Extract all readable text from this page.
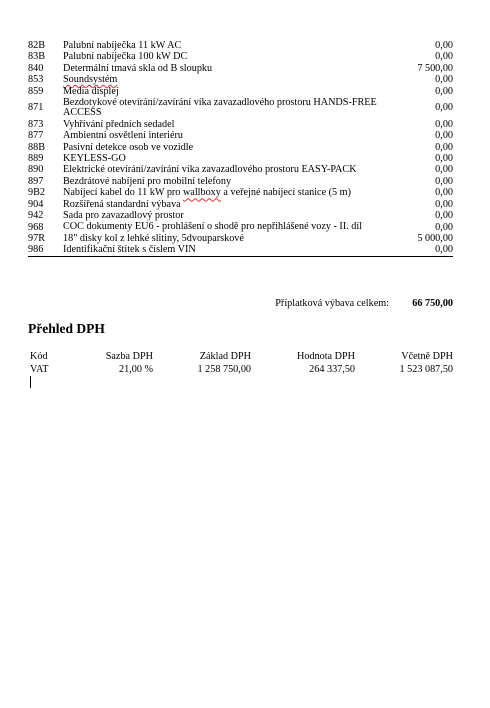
82B	Palubní nabíječka 11 kW AC	0,00
83B	Palubní nabíječka 100 kW DC	0,00
840	Determální tmavá skla od B sloupku	7 500,00
853	Soundsystém	0,00
859	Media displej	0,00
871	Bezdotykové otevírání/zavírání víka zavazadlového prostoru HANDS-FREE ACCESS	0,00
873	Vyhřívání předních sedadel	0,00
877	Ambientní osvětlení interiéru	0,00
88B	Pasivní detekce osob ve vozidle	0,00
889	KEYLESS-GO	0,00
890	Elektrické otevírání/zavírání víka zavazadlového prostoru EASY-PACK	0,00
897	Bezdrátové nabíjení pro mobilní telefony	0,00
9B2	Nabíjecí kabel do 11 kW pro wallboxy a veřejné nabíjecí stanice (5 m)	0,00
904	Rozšířená standardní výbava	0,00
942	Sada pro zavazadlový prostor	0,00
968	COC dokumenty EU6 - prohlášení o shodě pro nepřihlášené vozy - II. díl	0,00
97R	18" disky kol z lehké slitiny, 5dvouparskové	5 000,00
986	Identifikační štítek s číslem VIN	0,00
Příplatková výbava celkem: 66 750,00
Přehled DPH
Kód	Sazba DPH	Základ DPH	Hodnota DPH	Včetně DPH
VAT	21,00 %	1 258 750,00	264 337,50	1 523 087,50
